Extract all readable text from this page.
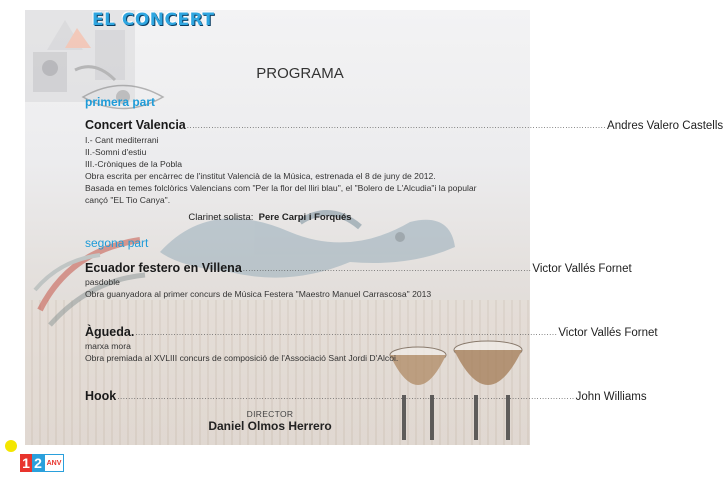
EL CONCERT
PROGRAMA
primera part
Concert Valencia .......................................................................................................................................................... Andres Valero Castells
I.- Cant mediterrani
II.-Somni d'estiu
III.-Cròniques de la Pobla
Obra escrita per encàrrec de l'institut Valencià de la Música, estrenada el 8 de juny de 2012.
Basada en temes folclòrics Valencians com "Per la flor del lliri blau", el "Bolero de L'Alcudia"i la popular
cançó "EL Tio Canya".
Clarinet solista: Pere Carpi i Forqués
segona part
Ecuador festero en Villena .......................................................................................................... Victor Vallés Fornet
pasdoble
Obra guanyadora al primer concurs de Música Festera "Maestro Manuel Carrascosa" 2013
Àgueda. ........................................................................................................................................................... Victor Vallés Fornet
marxa mora
Obra premiada al XVLIII concurs de composició de l'Associació Sant Jordi D'Alcoi.
Hook ........................................................................................................................................................................ John Williams
DIRECTOR
Daniel Olmos Herrero
1 2 ANV
